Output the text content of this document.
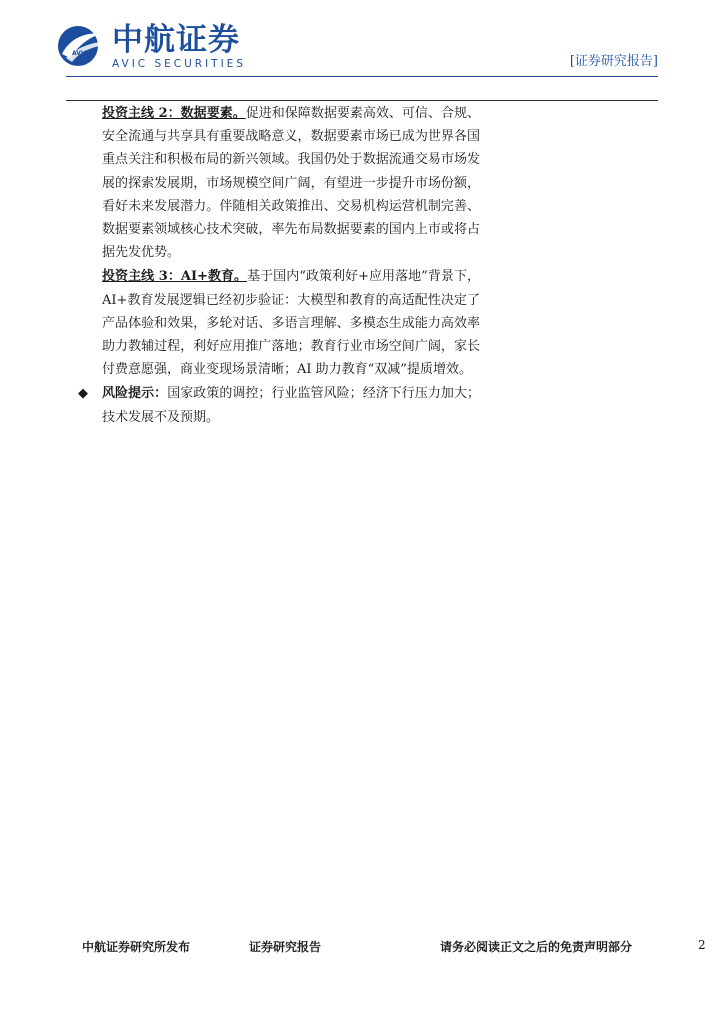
AVIC 中航证券
AVIC SECURITIES	[证券研究报告]

投资主线 2：数据要素。促进和保障数据要素高效、可信、合规、安全流通与共享具有重要战略意义，数据要素市场已成为世界各国重点关注和积极布局的新兴领域。我国仍处于数据流通交易市场发展的探索发展期，市场规模空间广阔，有望进一步提升市场份额，看好未来发展潜力。伴随相关政策推出、交易机构运营机制完善、数据要素领域核心技术突破，率先布局数据要素的国内上市或将占据先发优势。

投资主线 3：AI+教育。基于国内“政策利好+应用落地”背景下，AI+教育发展逻辑已经初步验证：大模型和教育的高适配性决定了产品体验和效果，多轮对话、多语言理解、多模态生成能力高效率助力教辅过程，利好应用推广落地；教育行业市场空间广阔，家长付费意愿强，商业变现场景清晰；AI 助力教育“双减”提质增效。

◆ 风险提示：国家政策的调控；行业监管风险；经济下行压力加大；技术发展不及预期。
中航证券研究所发布	证券研究报告	请务必阅读正文之后的免责声明部分	2
